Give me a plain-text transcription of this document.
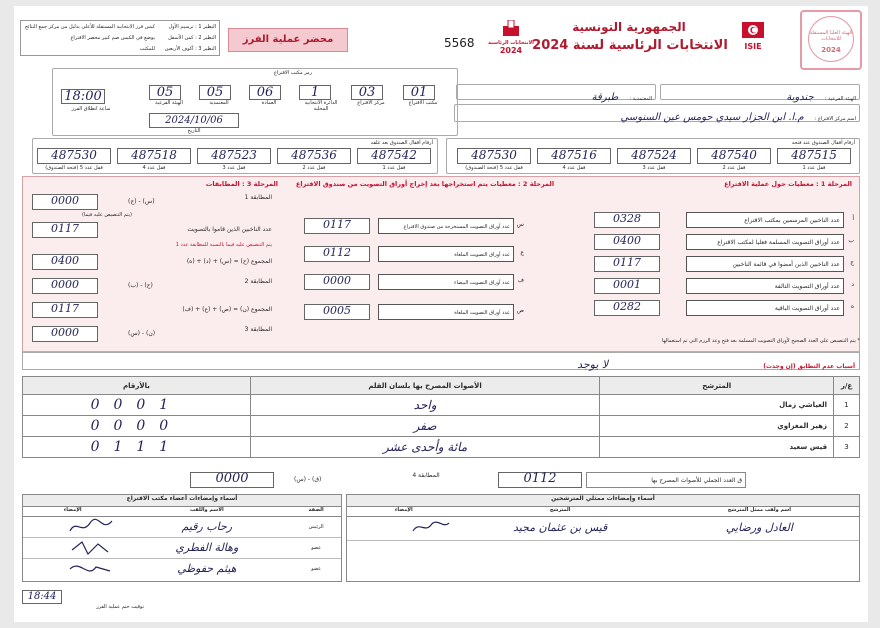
النظير 1 : ترسيم الأول
النظير 2 : كمن الأسفل
النظير 3 : أكوف الأربعين
كيس فرز الانتخابية المستقلة للأعلى بدليل من مركز جمع النتائج
يوضع في الكيس صم كبير محضر الاقتراع
للمكتب
محضر عملية الفرز	5568	الانتخابات الرئاسية
2024
الجمهورية التونسية
الانتخابات الرئاسية لسنة 2024	ISIE
الهيئة العليا المستقلة للانتخابات
2024
رمز مكتب الاقتراع
18:00
ساعة انطلاق الفرز
05
الهيئة الفرعية
05
المعتمدية
06
العمادة
1
الدائرة الانتخابية المحلية
03
مركز الاقتراع
01
مكتب الاقتراع
2024/10/06
التاريخ
الهيئة الفرعية : جندوبة
المعتمدية : طبرقة
اسم مركز الاقتراع : م.ا. ابن الجزار سيدي حومس عين السنوسي
أرقام أقفال الصندوق بعد غلقه
487530	487518	487523	487536	487542
قفل عدد 5 (فتحة الصندوق)	قفل عدد 4	قفل عدد 3	قفل عدد 2	قفل عدد 1
أرقام أقفال الصندوق عند فتحه
487530	487516	487524	487540	487515
قفل عدد 5 (فتحة الصندوق)	قفل عدد 4	قفل عدد 3	قفل عدد 2	قفل عدد 1
المرحلة 1 : معطيات حول عملية الاقتراع
أ
عدد الناخبين المرسمين بمكتب الاقتراع
0328
ب
عدد أوراق التصويت المسلمة فعليا لمكتب الاقتراع
0400
ج
عدد الناخبين الذين أمضوا في قائمة الناخبين
0117
د
عدد أوراق التصويت التالفة
0001
ه
عدد أوراق التصويت الباقية
0282
المرحلة 2 : معطيات يتم استخراجها بعد إخراج أوراق التصويت من صندوق الاقتراع
س
عدد أوراق التصويت المستخرجة من صندوق الاقتراع
0117
ع
عدد أوراق التصويت الملغاة
0112
ف
عدد أوراق التصويت البيضاء
0000
ص
عدد أوراق التصويت الملغاة
0005
المرحلة 3 : المطابقات
0000	(ج) - (س)
المطابقة 1
(يتم التنصيص عليه فيما)
0117	عدد الناخبين الذين قاموا بالتصويت
يتم التنصيص عليه فيما بالنسبة للمطابقة عدد 1
0400	المجموع (ح) = (س) + (د) + (ه)
0000	(ب) - (ح)
المطابقة 2
0117	المجموع (ن) = (ص) + (ع) + (ف)
0000	(س) - (ن)
المطابقة 3
* يتم التنصيص على العدد الصحيح لأوراق التصويت المسلمة بعد فتح وعد الرزم التي تم استعمالها
أسباب عدم التطابق (إن وجدت) لا يوجد
ع/ر	المترشح	الأصوات المصرح بها بلسان القلم	بالأرقام
1	العياشي زمال	واحد	0001
2	زهير المغزاوي	صفر	0000
3	قيس سعيد	مائة وأحدى عشر	0111
ق العدد الجملي للأصوات المصرح بها
0112
المطابقة 4
(س) - (ق)
0000
أسماء وإمضاءات أعضاء مكتب الاقتراع
الصفة
الاسم واللقب
الإمضاء
الرئيس
رحاب رقيم
عضو
وهالة الفطري
عضو
هيثم حفوظي
أسماء وإمضاءات ممثلي المترشحين
اسم ولقب ممثل المترشح
المترشح
الإمضاء
العادل ورضايي
قيس بن عثمان مجيد
18:44
توقيت ختم عملية الفرز
